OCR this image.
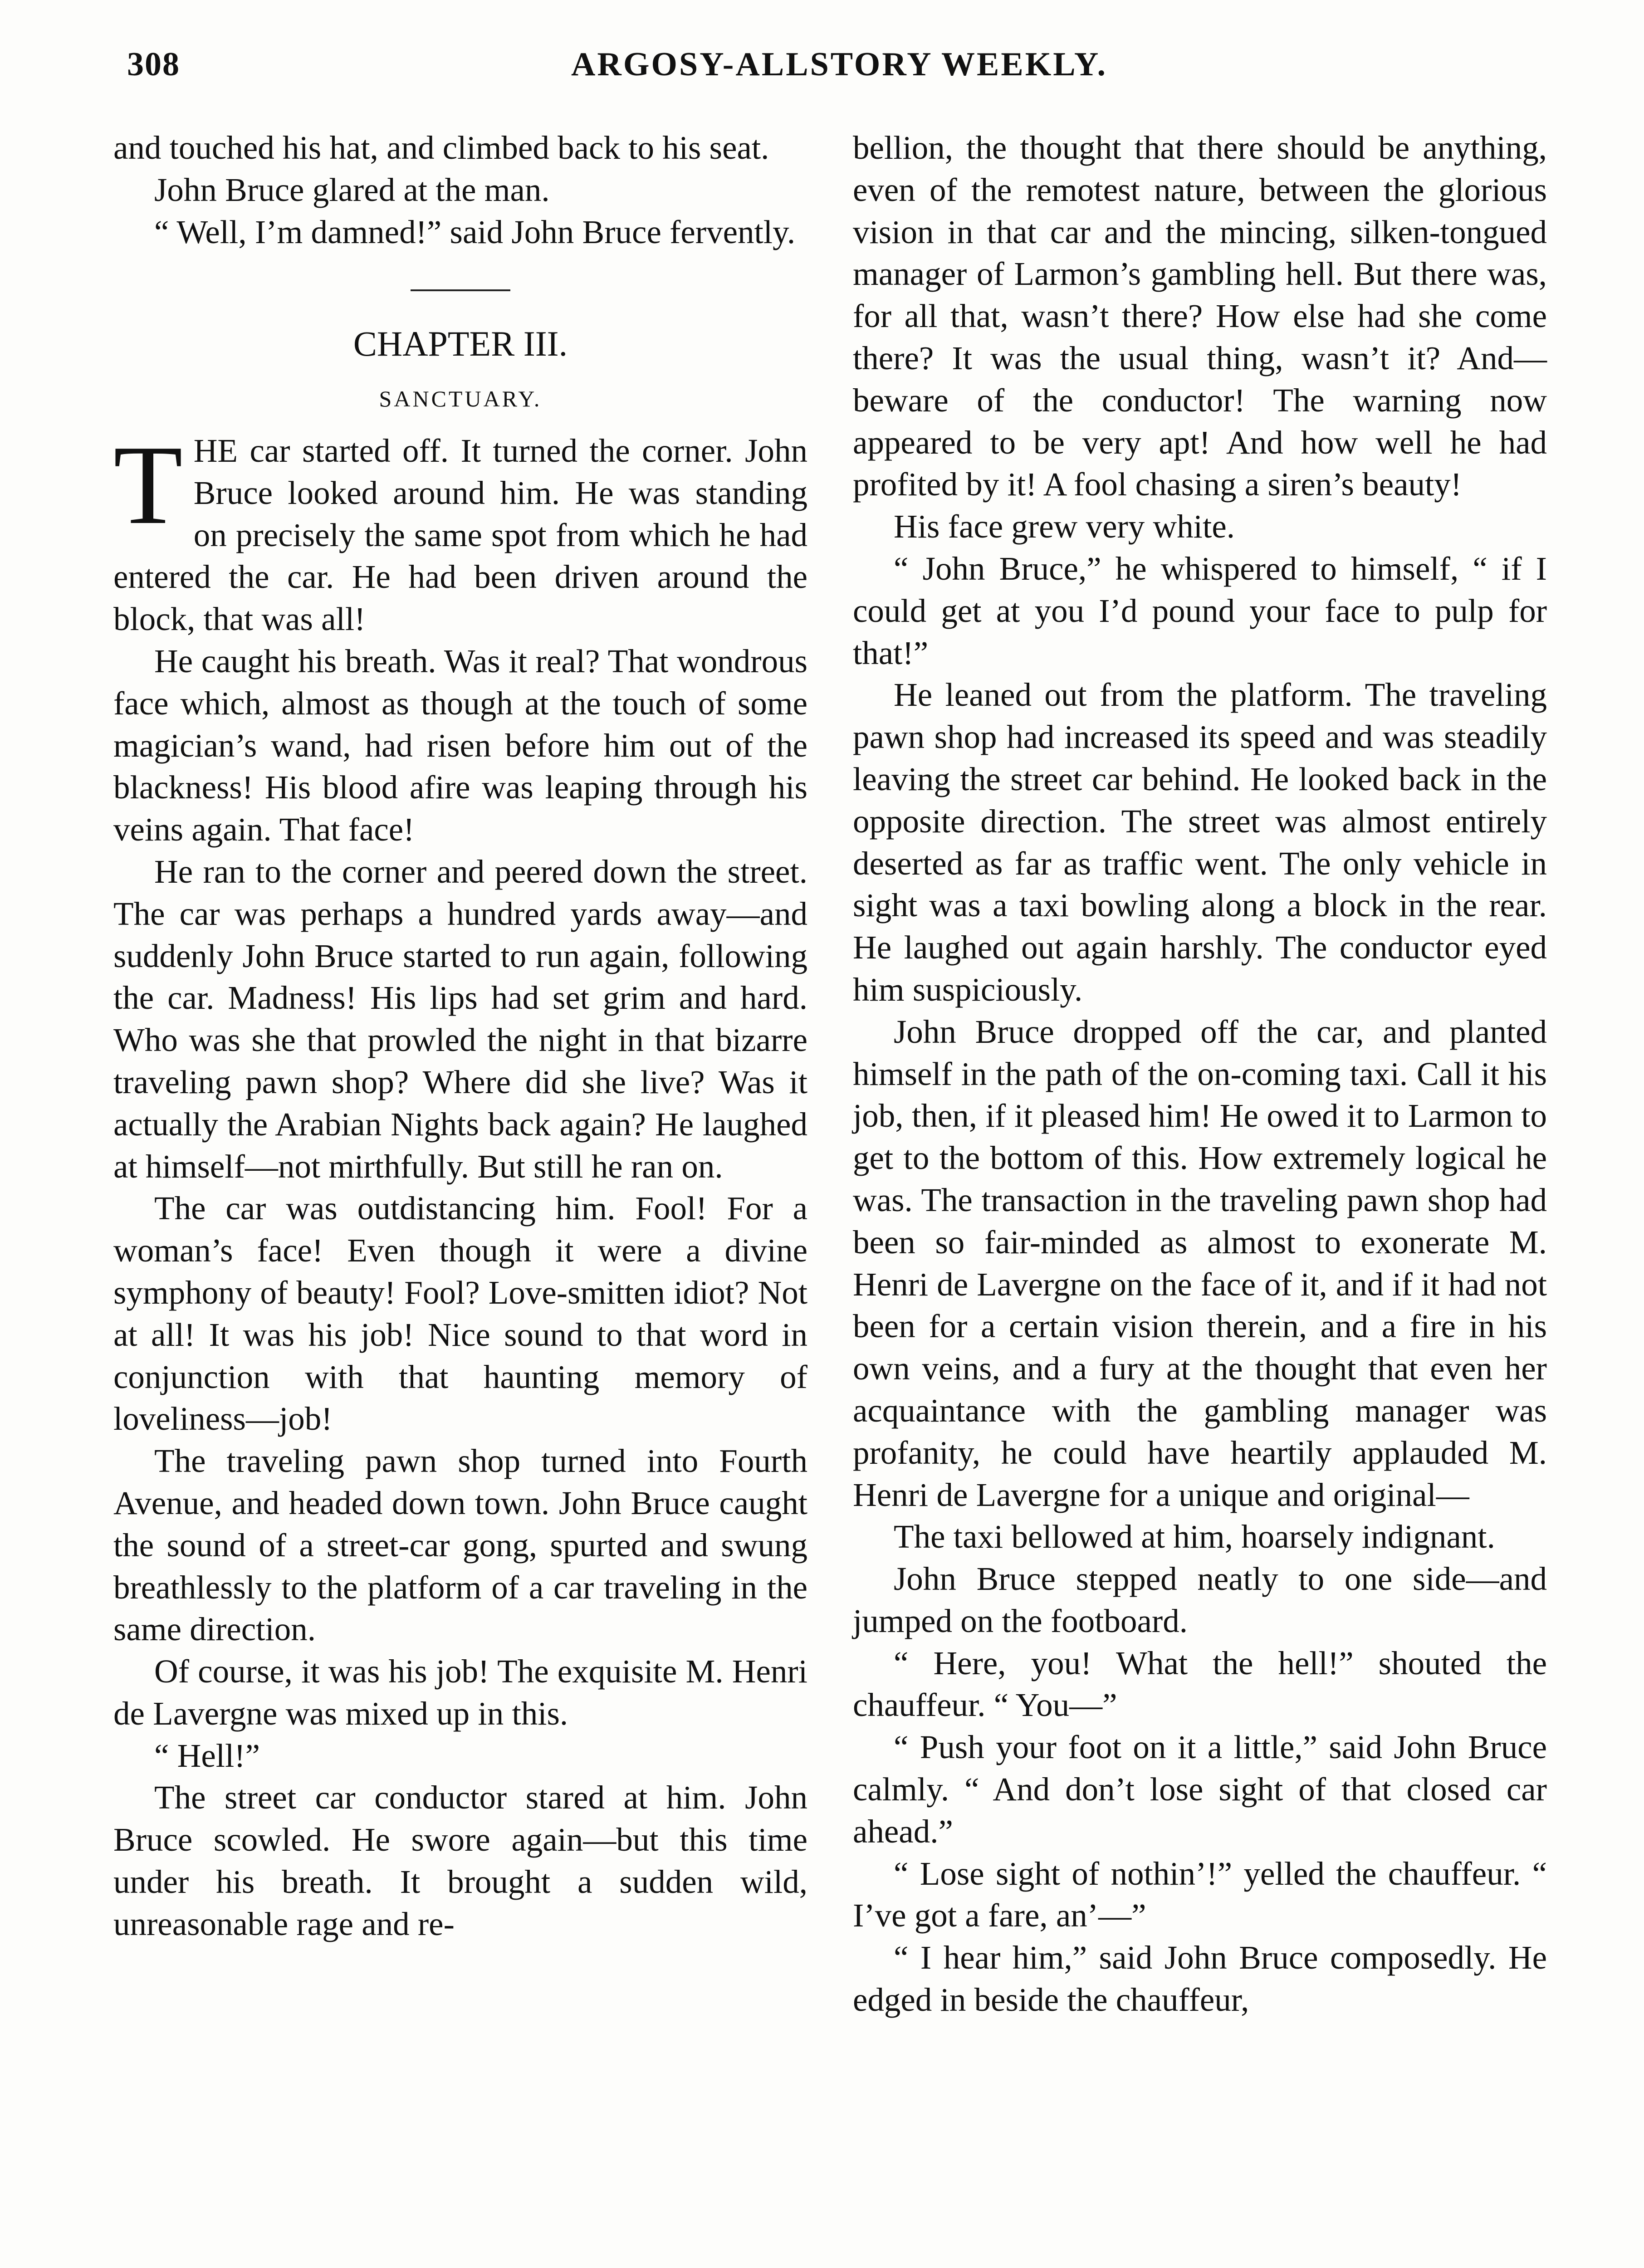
308	ARGOSY-ALLSTORY WEEKLY.

and touched his hat, and climbed back to his seat.

John Bruce glared at the man.

“ Well, I’m damned!” said John Bruce fervently.

CHAPTER III.
SANCTUARY.

THE car started off. It turned the corner. John Bruce looked around him. He was standing on precisely the same spot from which he had entered the car. He had been driven around the block, that was all!

He caught his breath. Was it real? That wondrous face which, almost as though at the touch of some magician’s wand, had risen before him out of the blackness! His blood afire was leaping through his veins again. That face!

He ran to the corner and peered down the street. The car was perhaps a hundred yards away—and suddenly John Bruce started to run again, following the car. Madness! His lips had set grim and hard. Who was she that prowled the night in that bizarre traveling pawn shop? Where did she live? Was it actually the Arabian Nights back again? He laughed at himself—not mirthfully. But still he ran on.

The car was outdistancing him. Fool! For a woman’s face! Even though it were a divine symphony of beauty! Fool? Love-smitten idiot? Not at all! It was his job! Nice sound to that word in conjunction with that haunting memory of loveliness—job!

The traveling pawn shop turned into Fourth Avenue, and headed down town. John Bruce caught the sound of a street-car gong, spurted and swung breathlessly to the platform of a car traveling in the same direction.

Of course, it was his job! The exquisite M. Henri de Lavergne was mixed up in this.

“ Hell!”

The street car conductor stared at him. John Bruce scowled. He swore again—but this time under his breath. It brought a sudden wild, unreasonable rage and re-

bellion, the thought that there should be anything, even of the remotest nature, between the glorious vision in that car and the mincing, silken-tongued manager of Larmon’s gambling hell. But there was, for all that, wasn’t there? How else had she come there? It was the usual thing, wasn’t it? And—beware of the conductor! The warning now appeared to be very apt! And how well he had profited by it! A fool chasing a siren’s beauty!

His face grew very white.

“ John Bruce,” he whispered to himself, “ if I could get at you I’d pound your face to pulp for that!”

He leaned out from the platform. The traveling pawn shop had increased its speed and was steadily leaving the street car behind. He looked back in the opposite direction. The street was almost entirely deserted as far as traffic went. The only vehicle in sight was a taxi bowling along a block in the rear. He laughed out again harshly. The conductor eyed him suspiciously.

John Bruce dropped off the car, and planted himself in the path of the on-coming taxi. Call it his job, then, if it pleased him! He owed it to Larmon to get to the bottom of this. How extremely logical he was. The transaction in the traveling pawn shop had been so fair-minded as almost to exonerate M. Henri de Lavergne on the face of it, and if it had not been for a certain vision therein, and a fire in his own veins, and a fury at the thought that even her acquaintance with the gambling manager was profanity, he could have heartily applauded M. Henri de Lavergne for a unique and original—

The taxi bellowed at him, hoarsely indignant.

John Bruce stepped neatly to one side—and jumped on the footboard.

“ Here, you! What the hell!” shouted the chauffeur. “ You—”

“ Push your foot on it a little,” said John Bruce calmly. “ And don’t lose sight of that closed car ahead.”

“ Lose sight of nothin’!” yelled the chauffeur. “ I’ve got a fare, an’—”

“ I hear him,” said John Bruce composedly. He edged in beside the chauffeur,
